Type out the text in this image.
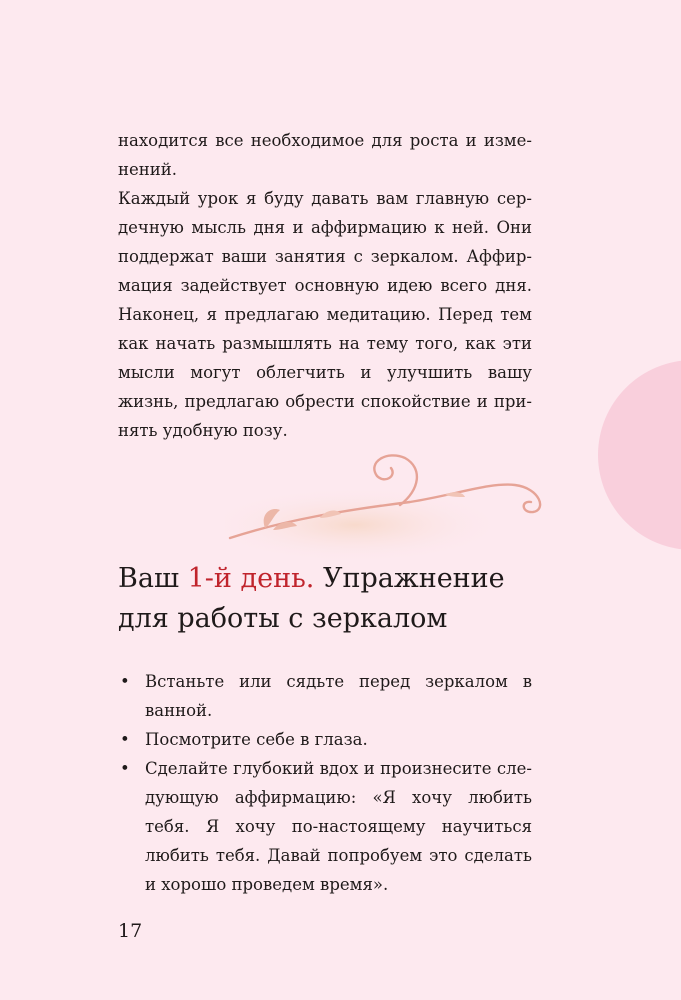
находится все необходимое для роста и изме-нений.

Каждый урок я буду давать вам главную сер-дечную мысль дня и аффирмацию к ней. Они поддержат ваши занятия с зеркалом. Аффир-мация задействует основную идею всего дня. Наконец, я предлагаю медитацию. Перед тем как начать размышлять на тему того, как эти мысли могут облегчить и улучшить вашу жизнь, предлагаю обрести спокойствие и при-нять удобную позу.

Ваш 1-й день. Упражнение
для работы с зеркалом
• Встаньте или сядьте перед зеркалом в ванной.
• Посмотрите себе в глаза.
• Сделайте глубокий вдох и произнесите сле-дующую аффирмацию: «Я хочу любить тебя. Я хочу по-настоящему научиться любить тебя. Давай попробуем это сделать и хорошо проведем время».
17
